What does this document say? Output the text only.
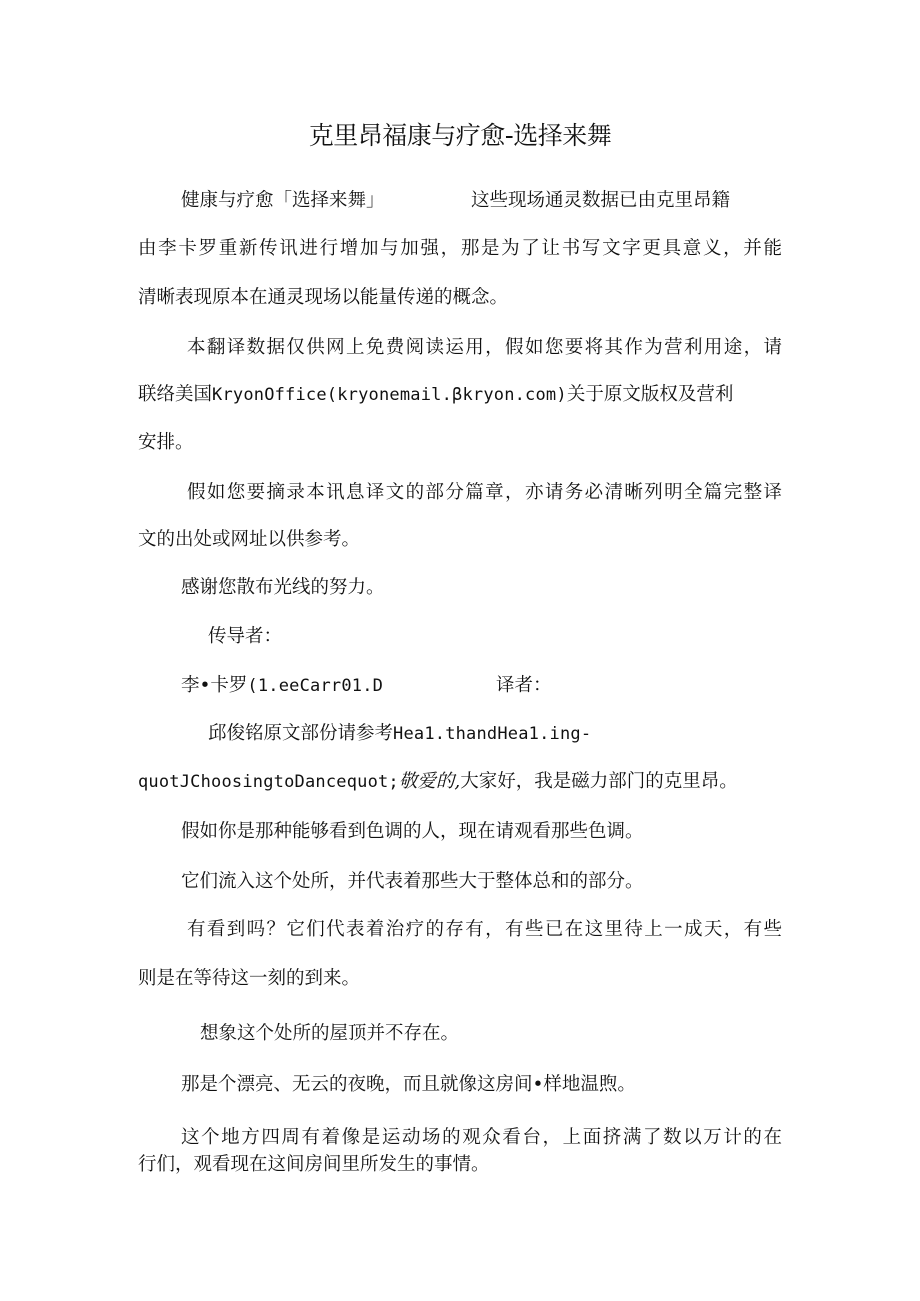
克里昂福康与疗愈-选择来舞

健康与疗愈「选择来舞」	这些现场通灵数据已由克里昂籍

由李卡罗重新传讯进行增加与加强，那是为了让书写文字更具意义，并能

清晰表现原本在通灵现场以能量传递的概念。

本翻译数据仅供网上免费阅读运用，假如您要将其作为营利用途，请

联络美国KryonOffice(kryonemail.βkryon.com)关于原文版权及营利

安排。

假如您要摘录本讯息译文的部分篇章，亦请务必清晰列明全篇完整译

文的出处或网址以供参考。

感谢您散布光线的努力。

传导者：

李•卡罗(1.eeCarr01.D	译者：

邱俊铭原文部份请参考Hea1.thandHea1.ing-

quotJChoosingtoDancequot;敬爱的,大家好，我是磁力部门的克里昂。

假如你是那种能够看到色调的人，现在请观看那些色调。

它们流入这个处所，并代表着那些大于整体总和的部分。

有看到吗？它们代表着治疗的存有，有些已在这里待上一成天，有些

则是在等待这一刻的到来。

想象这个处所的屋顶并不存在。

那是个漂亮、无云的夜晚，而且就像这房间•样地温煦。

这个地方四周有着像是运动场的观众看台，上面挤满了数以万计的在

行们，观看现在这间房间里所发生的事情。
